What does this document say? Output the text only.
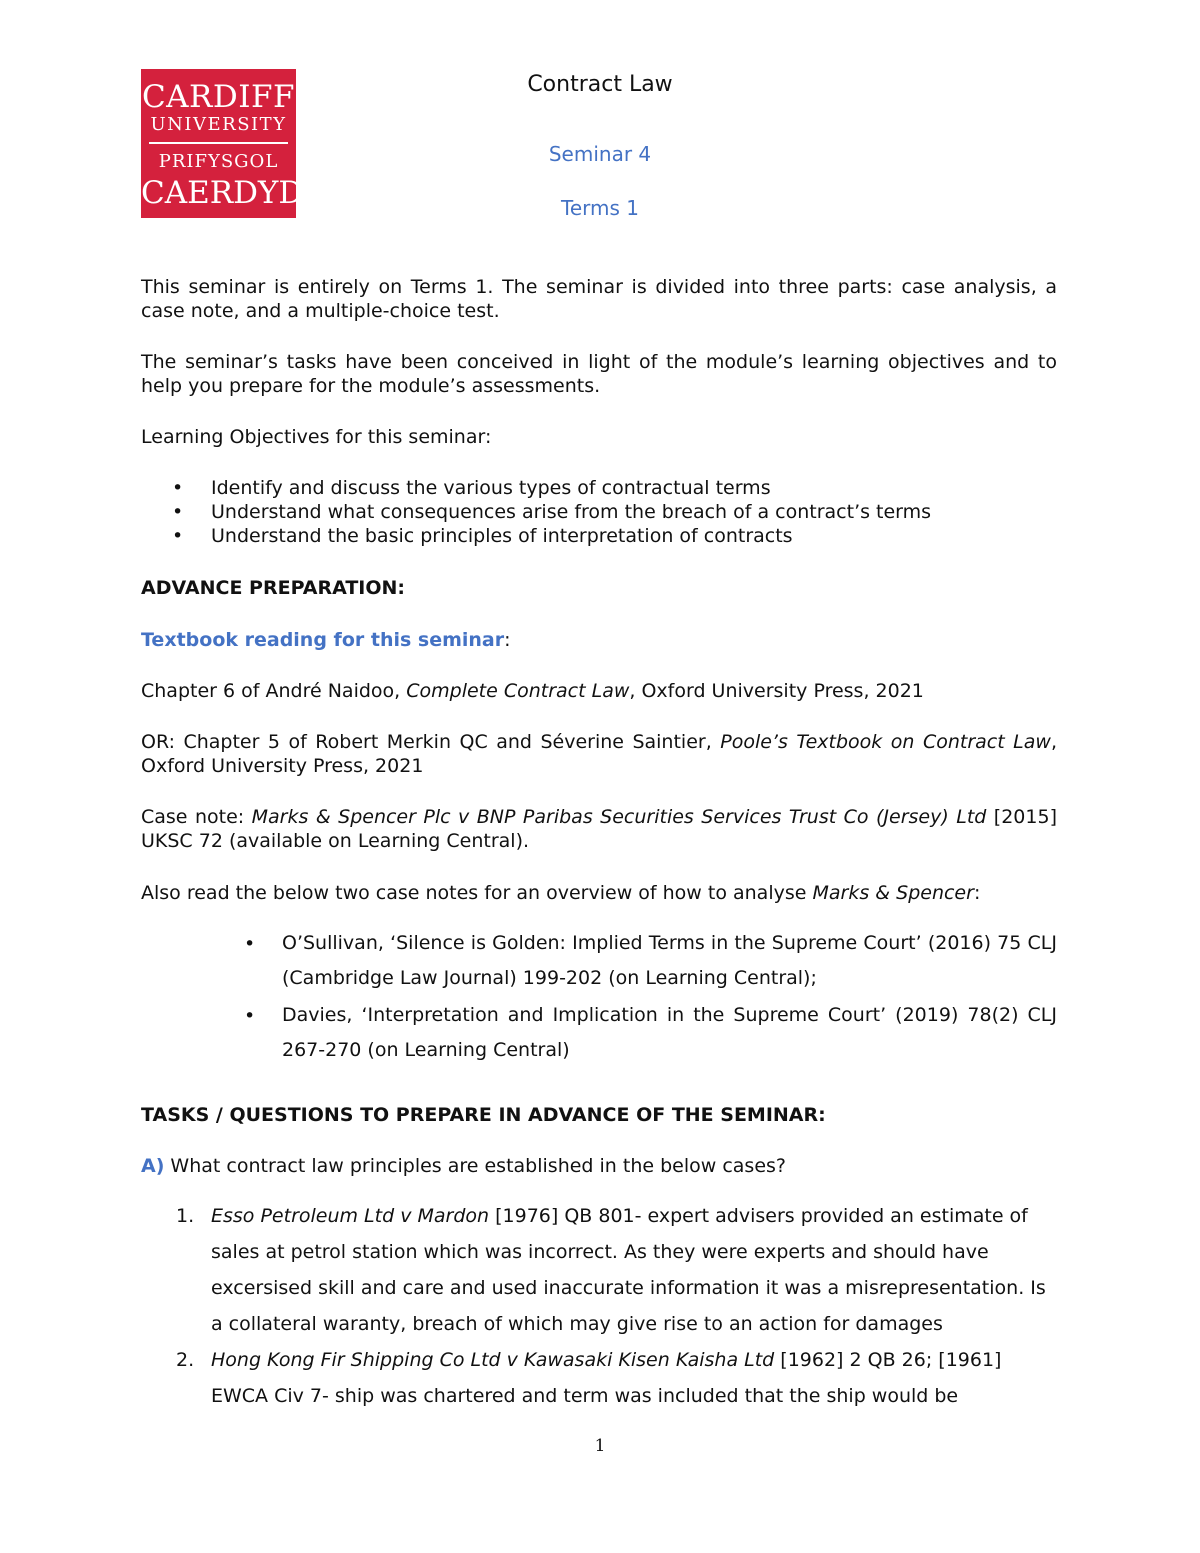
CARDIFF
UNIVERSITY
PRIFYSGOL
CAERDYDD
Contract Law
Seminar 4
Terms 1
This seminar is entirely on Terms 1. The seminar is divided into three parts: case analysis, a case note, and a multiple-choice test.
The seminar’s tasks have been conceived in light of the module’s learning objectives and to help you prepare for the module’s assessments.
Learning Objectives for this seminar:
• Identify and discuss the various types of contractual terms
• Understand what consequences arise from the breach of a contract’s terms
• Understand the basic principles of interpretation of contracts
ADVANCE PREPARATION:
Textbook reading for this seminar:
Chapter 6 of André Naidoo, Complete Contract Law, Oxford University Press, 2021
OR: Chapter 5 of Robert Merkin QC and Séverine Saintier, Poole’s Textbook on Contract Law, Oxford University Press, 2021
Case note: Marks & Spencer Plc v BNP Paribas Securities Services Trust Co (Jersey) Ltd [2015] UKSC 72 (available on Learning Central).
Also read the below two case notes for an overview of how to analyse Marks & Spencer:
• O’Sullivan, ‘Silence is Golden: Implied Terms in the Supreme Court’ (2016) 75 CLJ (Cambridge Law Journal) 199-202 (on Learning Central);
• Davies, ‘Interpretation and Implication in the Supreme Court’ (2019) 78(2) CLJ 267-270 (on Learning Central)
TASKS / QUESTIONS TO PREPARE IN ADVANCE OF THE SEMINAR:
A) What contract law principles are established in the below cases?
1. Esso Petroleum Ltd v Mardon [1976] QB 801- expert advisers provided an estimate of sales at petrol station which was incorrect. As they were experts and should have excersised skill and care and used inaccurate information it was a misrepresentation. Is a collateral waranty, breach of which may give rise to an action for damages
2. Hong Kong Fir Shipping Co Ltd v Kawasaki Kisen Kaisha Ltd [1962] 2 QB 26; [1961] EWCA Civ 7- ship was chartered and term was included that the ship would be
1
